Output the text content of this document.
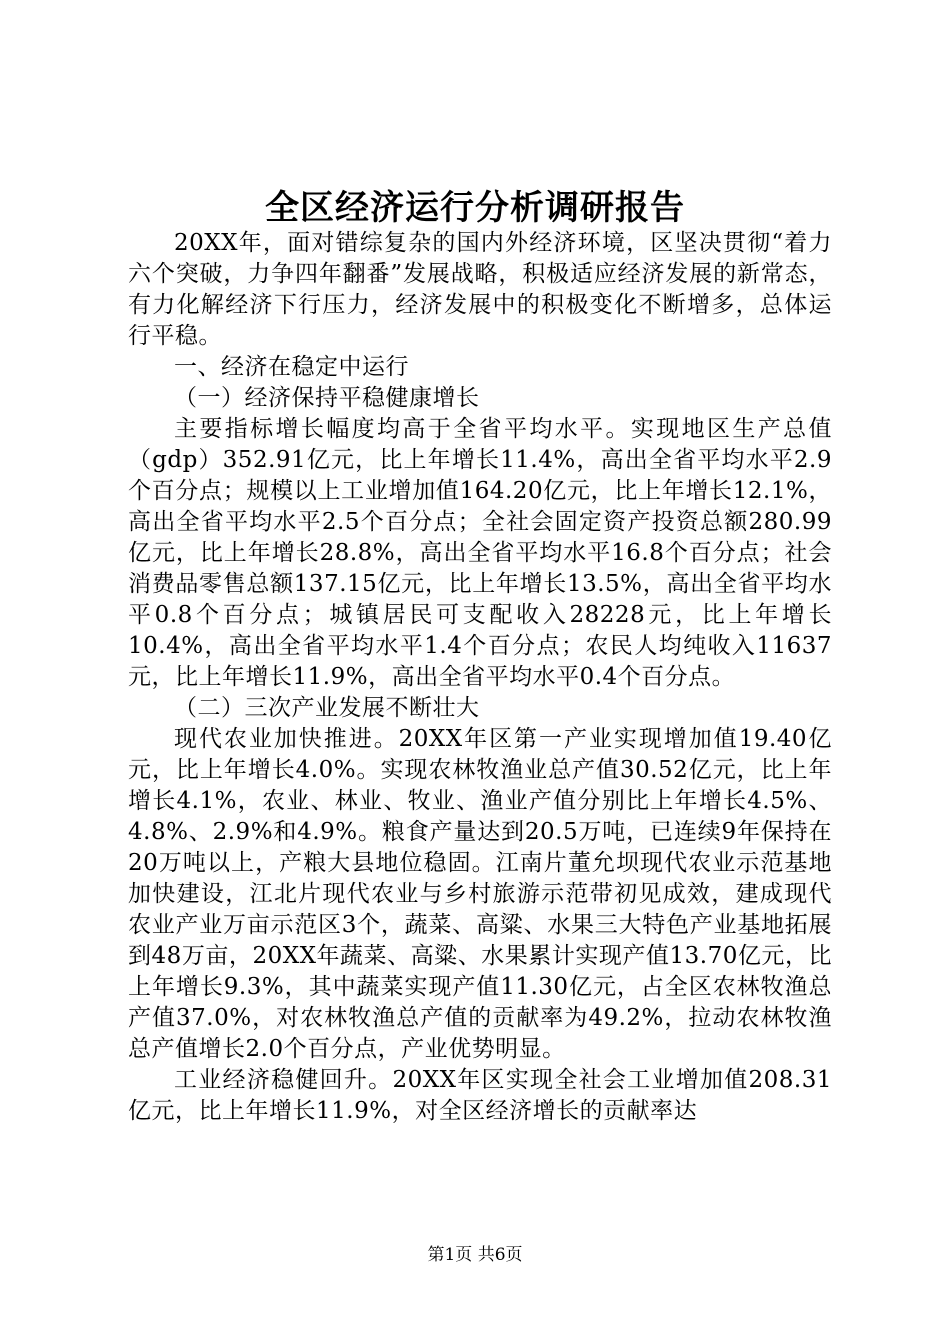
全区经济运行分析调研报告

20XX年，面对错综复杂的国内外经济环境，区坚决贯彻“着力六个突破，力争四年翻番”发展战略，积极适应经济发展的新常态，有力化解经济下行压力，经济发展中的积极变化不断增多，总体运行平稳。

一、经济在稳定中运行

（一）经济保持平稳健康增长

主要指标增长幅度均高于全省平均水平。实现地区生产总值（gdp）352.91亿元，比上年增长11.4%，高出全省平均水平2.9个百分点；规模以上工业增加值164.20亿元，比上年增长12.1%，高出全省平均水平2.5个百分点；全社会固定资产投资总额280.99亿元，比上年增长28.8%，高出全省平均水平16.8个百分点；社会消费品零售总额137.15亿元，比上年增长13.5%，高出全省平均水平0.8个百分点；城镇居民可支配收入28228元，比上年增长10.4%，高出全省平均水平1.4个百分点；农民人均纯收入11637元，比上年增长11.9%，高出全省平均水平0.4个百分点。

（二）三次产业发展不断壮大

现代农业加快推进。20XX年区第一产业实现增加值19.40亿元，比上年增长4.0%。实现农林牧渔业总产值30.52亿元，比上年增长4.1%，农业、林业、牧业、渔业产值分别比上年增长4.5%、4.8%、2.9%和4.9%。粮食产量达到20.5万吨，已连续9年保持在20万吨以上，产粮大县地位稳固。江南片董允坝现代农业示范基地加快建设，江北片现代农业与乡村旅游示范带初见成效，建成现代农业产业万亩示范区3个，蔬菜、高粱、水果三大特色产业基地拓展到48万亩，20XX年蔬菜、高粱、水果累计实现产值13.70亿元，比上年增长9.3%，其中蔬菜实现产值11.30亿元，占全区农林牧渔总产值37.0%，对农林牧渔总产值的贡献率为49.2%，拉动农林牧渔总产值增长2.0个百分点，产业优势明显。

工业经济稳健回升。20XX年区实现全社会工业增加值208.31亿元，比上年增长11.9%，对全区经济增长的贡献率达

第1页 共6页
